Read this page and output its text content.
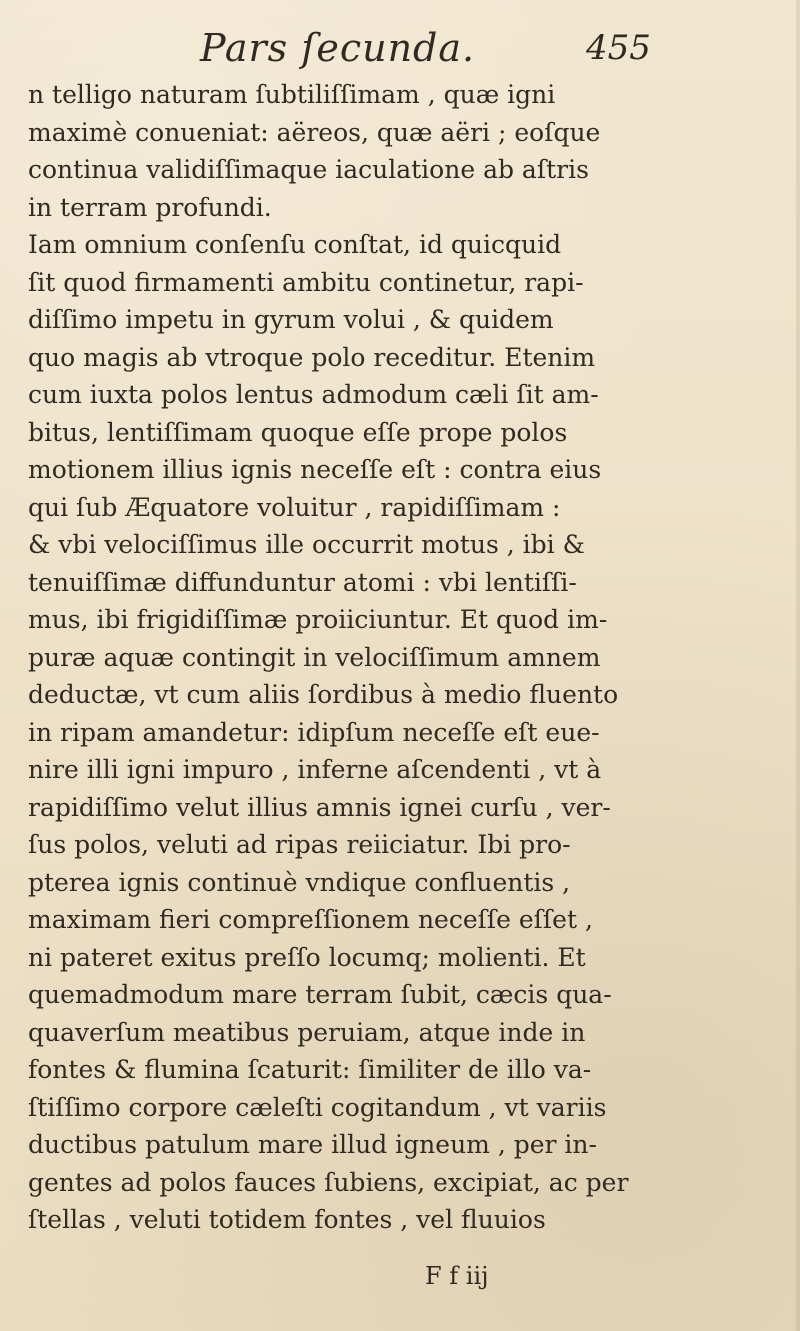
Pars ſecunda.	455
n telligo naturam ſubtiliſſimam , quæ igni
maximè conueniat: aëreos, quæ aëri ; eoſque
continua validiſſimaque iaculatione ab aſtris
in terram profundi.
Iam omnium conſenſu conſtat, id quicquid
ſit quod firmamenti ambitu continetur, rapi-
diſſimo impetu in gyrum volui , & quidem
quo magis ab vtroque polo receditur. Etenim
cum iuxta polos lentus admodum cæli ſit am-
bitus, lentiſſimam quoque eſſe prope polos
motionem illius ignis neceſſe eſt : contra eius
qui ſub Æquatore voluitur , rapidiſſimam :
& vbi velociſſimus ille occurrit motus , ibi &
tenuiſſimæ diffunduntur atomi : vbi lentiſſi-
mus, ibi frigidiſſimæ proiiciuntur. Et quod im-
puræ aquæ contingit in velociſſimum amnem
deductæ, vt cum aliis ſordibus à medio fluento
in ripam amandetur: idipſum neceſſe eſt eue-
nire illi igni impuro , inferne aſcendenti , vt à
rapidiſſimo velut illius amnis ignei curſu , ver-
ſus polos, veluti ad ripas reiiciatur. Ibi pro-
pterea ignis continuè vndique confluentis ,
maximam fieri compreſſionem neceſſe eſſet ,
ni pateret exitus preſſo locumq; molienti. Et
quemadmodum mare terram ſubit, cæcis qua-
quaverſum meatibus peruiam, atque inde in
fontes & flumina ſcaturit: ſimiliter de illo va-
ſtiſſimo corpore cæleſti cogitandum , vt variis
ductibus patulum mare illud igneum , per in-
gentes ad polos fauces ſubiens, excipiat, ac per
ſtellas , veluti totidem fontes , vel fluuios
F f iij
